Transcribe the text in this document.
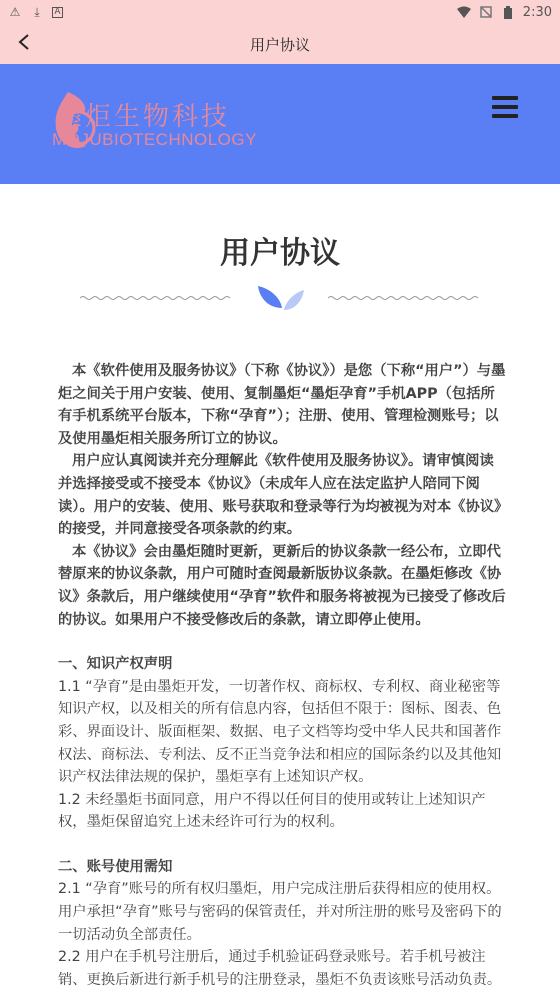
⚠	⤓	A	2:30
用户协议
墨炬生物科技
MOJUBIOTECHNOLOGY
用户协议

本《软件使用及服务协议》（下称《协议》）是您（下称“用户”）与墨炬之间关于用户安装、使用、复制墨炬“墨炬孕育”手机APP（包括所有手机系统平台版本，下称“孕育”）；注册、使用、管理检测账号；以及使用墨炬相关服务所订立的协议。

用户应认真阅读并充分理解此《软件使用及服务协议》。请审慎阅读并选择接受或不接受本《协议》（未成年人应在法定监护人陪同下阅读）。用户的安装、使用、账号获取和登录等行为均被视为对本《协议》的接受，并同意接受各项条款的约束。

本《协议》会由墨炬随时更新，更新后的协议条款一经公布，立即代替原来的协议条款，用户可随时查阅最新版协议条款。在墨炬修改《协议》条款后，用户继续使用“孕育”软件和服务将被视为已接受了修改后的协议。如果用户不接受修改后的条款，请立即停止使用。

一、知识产权声明

1.1 “孕育”是由墨炬开发，一切著作权、商标权、专利权、商业秘密等知识产权，以及相关的所有信息内容，包括但不限于：图标、图表、色彩、界面设计、版面框架、数据、电子文档等均受中华人民共和国著作权法、商标法、专利法、反不正当竞争法和相应的国际条约以及其他知识产权法律法规的保护，墨炬享有上述知识产权。

1.2 未经墨炬书面同意，用户不得以任何目的使用或转让上述知识产权，墨炬保留追究上述未经许可行为的权利。

二、账号使用需知

2.1 “孕育”账号的所有权归墨炬，用户完成注册后获得相应的使用权。用户承担“孕育”账号与密码的保管责任，并对所注册的账号及密码下的一切活动负全部责任。

2.2 用户在手机号注册后，通过手机验证码登录账号。若手机号被注销、更换后新进行新手机号的注册登录，墨炬不负责该账号活动负责。
